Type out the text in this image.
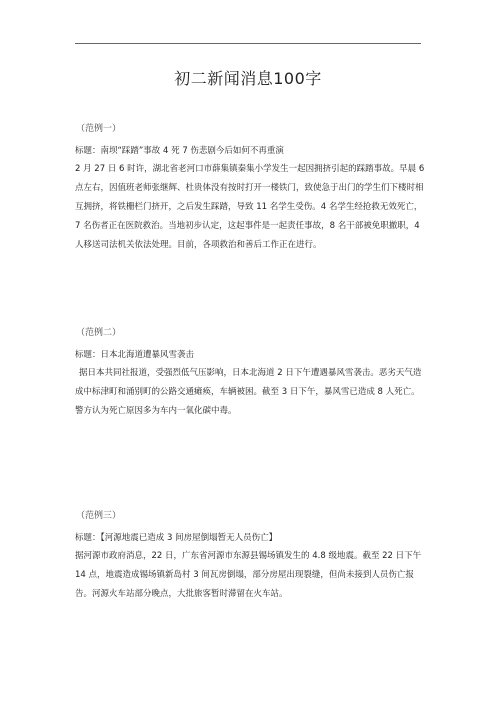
初二新闻消息100字
（范例一）
标题：南坝“踩踏”事故 4 死 7 伤悲剧今后如何不再重演
2 月 27 日 6 时许，湖北省老河口市薛集镇秦集小学发生一起因拥挤引起的踩踏事故。早晨 6 点左右，因值班老师张继辉、杜贵体没有按时打开一楼铁门，致使急于出门的学生们下楼时相互拥挤，将铁栅栏门挤开，之后发生踩踏，导致 11 名学生受伤。4 名学生经抢救无效死亡，7 名伤者正在医院救治。当地初步认定，这起事件是一起责任事故，8 名干部被免职撤职，4 人移送司法机关依法处理。目前，各项救治和善后工作正在进行。
（范例二）
标题：日本北海道遭暴风雪袭击
据日本共同社报道，受强烈低气压影响，日本北海道 2 日下午遭遇暴风雪袭击。恶劣天气造成中标津町和涌别町的公路交通瘫痪，车辆被困。截至 3 日下午，暴风雪已造成 8 人死亡。警方认为死亡原因多为车内一氧化碳中毒。
（范例三）
标题：【河源地震已造成 3 间房屋倒塌暂无人员伤亡】
据河源市政府消息，22 日，广东省河源市东源县锡场镇发生的 4.8 级地震。截至 22 日下午 14 点，地震造成锡场镇新岛村 3 间瓦房倒塌，部分房屋出现裂缝，但尚未接到人员伤亡报告。河源火车站部分晚点，大批旅客暂时滞留在火车站。
